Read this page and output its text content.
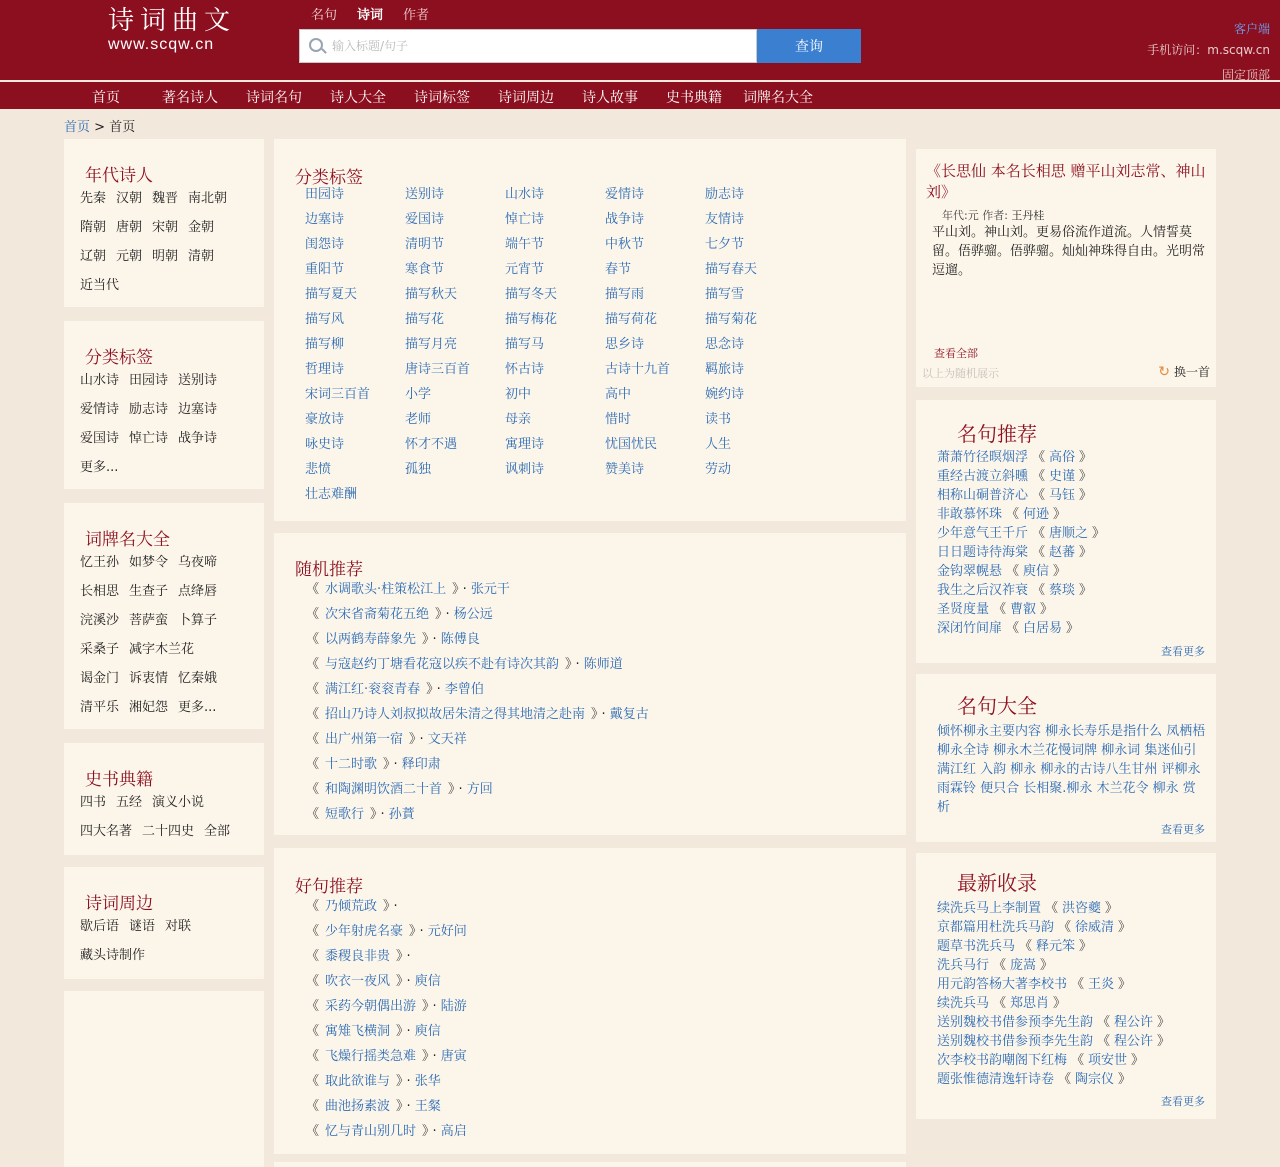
诗词曲文
www.scqw.cn
名句 诗词 作者
输入标题/句子
查询
客户端
手机访问：m.scqw.cn
固定顶部
首页	著名诗人 诗词名句 诗人大全 诗词标签 诗词周边 诗人故事 史书典籍 词牌名大全
首页 > 首页
年代诗人
先秦 汉朝 魏晋 南北朝
隋朝 唐朝 宋朝 金朝
辽朝 元朝 明朝 清朝
近当代
分类标签
山水诗 田园诗 送别诗
爱情诗 励志诗 边塞诗
爱国诗 悼亡诗 战争诗
更多...
词牌名大全
忆王孙 如梦令 乌夜啼
长相思 生查子 点绛唇
浣溪沙 菩萨蛮 卜算子
采桑子 减字木兰花
谒金门 诉衷情 忆秦娥
清平乐 湘妃怨 更多...
史书典籍
四书 五经 演义小说
四大名著 二十四史 全部
诗词周边
歇后语 谜语 对联
藏头诗制作
分类标签
田园诗	送别诗	山水诗	爱情诗	励志诗
边塞诗	爱国诗	悼亡诗	战争诗	友情诗
闺怨诗	清明节	端午节	中秋节	七夕节
重阳节	寒食节	元宵节	春节	描写春天
描写夏天	描写秋天	描写冬天	描写雨	描写雪
描写风	描写花	描写梅花	描写荷花	描写菊花
描写柳	描写月亮	描写马	思乡诗	思念诗
哲理诗	唐诗三百首	怀古诗	古诗十九首	羁旅诗
宋词三百首	小学	初中	高中	婉约诗
豪放诗	老师	母亲	惜时	读书
咏史诗	怀才不遇	寓理诗	忧国忧民	人生
悲愤	孤独	讽刺诗	赞美诗	劳动
壮志难酬
随机推荐
《 水调歌头·柱策松江上 》 · 张元干
《 次宋省斋菊花五绝 》 · 杨公远
《 以两鹤寿薛象先 》 · 陈傅良
《 与寇赵约丁塘看花寇以疾不赴有诗次其韵 》 · 陈师道
《 满江红·衮衮青春 》 · 李曾伯
《 招山乃诗人刘叔拟故居朱清之得其地清之赴南 》 · 戴复古
《 出广州第一宿 》 · 文天祥
《 十二时歌 》 · 释印肃
《 和陶渊明饮酒二十首 》 · 方回
《 短歌行 》 · 孙蕡
好句推荐
《 乃倾荒政 》 ·
《 少年射虎名豪 》 · 元好问
《 黍稷良非贵 》 ·
《 吹衣一夜风 》 · 庾信
《 采药今朝偶出游 》 · 陆游
《 寓雉飞横洞 》 · 庾信
《 飞燥行摇类急难 》 · 唐寅
《 取此欲谁与 》 · 张华
《 曲池扬素波 》 · 王粲
《 忆与青山别几时 》 · 高启
《长思仙 本名长相思 赠平山刘志常、神山刘》
年代:元 作者: 王丹桂
平山刘。神山刘。更易俗流作道流。人情誓莫留。俉骅骝。俉骅骝。灿灿神珠得自由。光明常逗遛。
查看全部
以上为随机展示	↻ 换一首
名句推荐
萧萧竹径暝烟浮 《 高俗 》
重经古渡立斜曛 《 史谨 》
相称山硐普济心 《 马钰 》
非敢慕怀珠 《 何逊 》
少年意气王千斤 《 唐顺之 》
日日题诗待海棠 《 赵蕃 》
金钩翠幌悬 《 庾信 》
我生之后汉祚衰 《 蔡琰 》
圣贤度量 《 曹叡 》
深闭竹间扉 《 白居易 》
查看更多
名句大全
倾怀柳永主要内容 柳永长寿乐是指什么 凤栖梧柳永全诗 柳永木兰花慢词牌 柳永词 集迷仙引 满江红 入韵 柳永 柳永的古诗八生甘州 评柳永雨霖铃 便只合 长相聚.柳永 木兰花令 柳永 赏析
查看更多
最新收录
续洗兵马上李制置 《 洪咨夔 》
京都篇用杜洗兵马韵 《 徐威清 》
题草书洗兵马 《 释元笨 》
洗兵马行 《 庞嵩 》
用元韵答杨大著李校书 《 王炎 》
续洗兵马 《 郑思肖 》
送别魏校书借参预李先生韵 《 程公许 》
送别魏校书借参预李先生韵 《 程公许 》
次李校书韵嘲阁下红梅 《 项安世 》
题张惟德清逸轩诗卷 《 陶宗仪 》
查看更多
